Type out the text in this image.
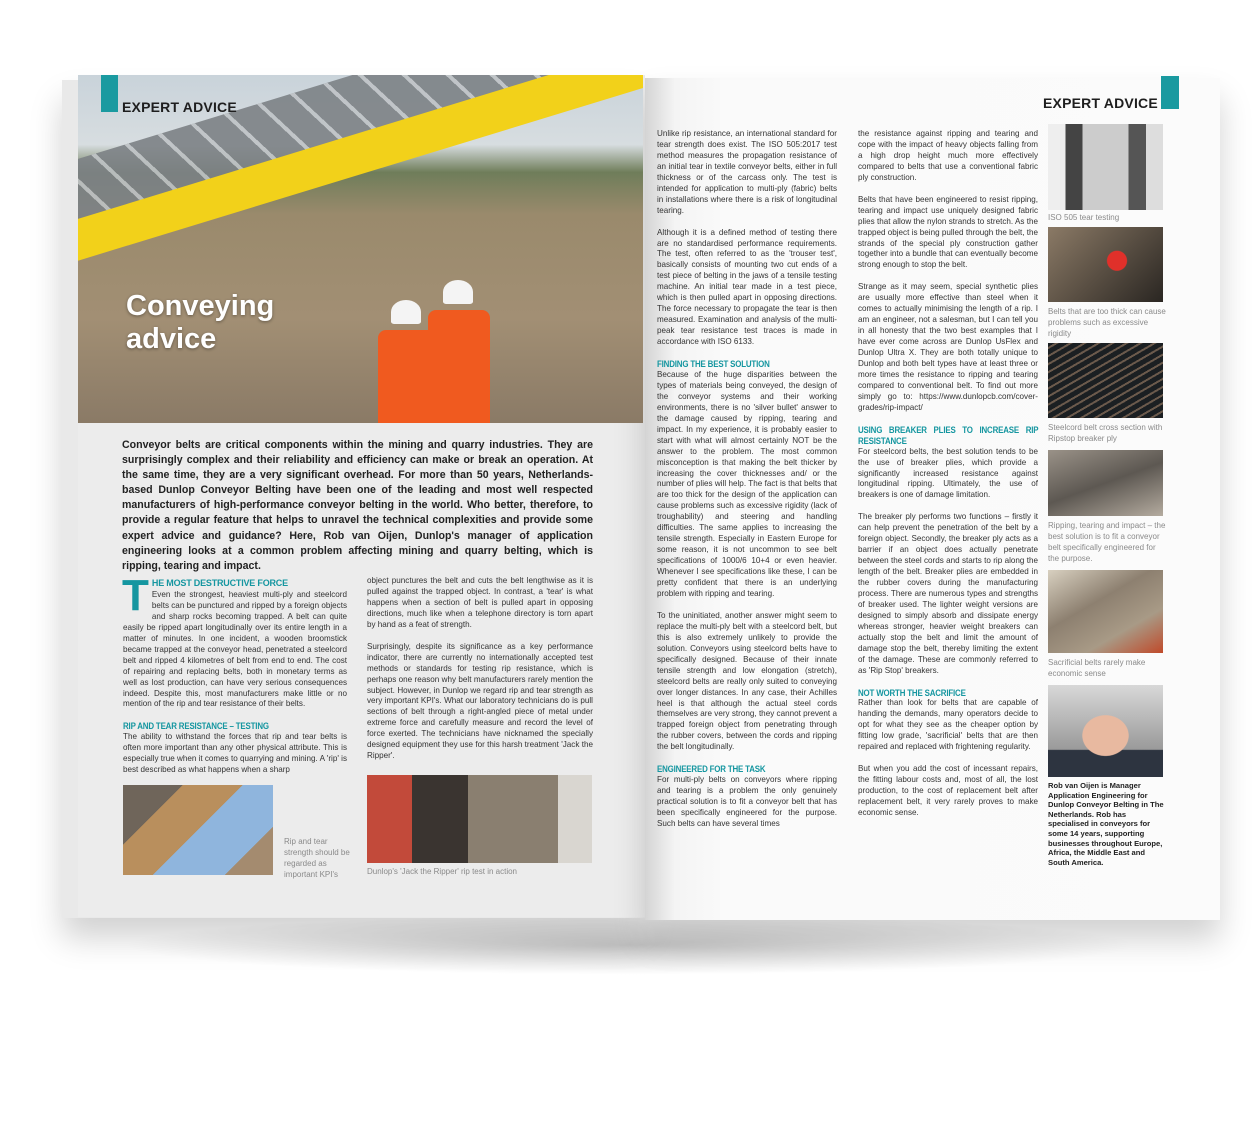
EXPERT ADVICE
Conveying
advice
Conveyor belts are critical components within the mining and quarry industries. They are surprisingly complex and their reliability and efficiency can make or break an operation. At the same time, they are a very significant overhead. For more than 50 years, Netherlands-based Dunlop Conveyor Belting have been one of the leading and most well respected manufacturers of high-performance conveyor belting in the world. Who better, therefore, to provide a regular feature that helps to unravel the technical complexities and provide some expert advice and guidance? Here, Rob van Oijen, Dunlop's manager of application engineering looks at a common problem affecting mining and quarry belting, which is ripping, tearing and impact.
T HE MOST DESTRUCTIVE FORCE

Even the strongest, heaviest multi-ply and steelcord belts can be punctured and ripped by a foreign objects and sharp rocks becoming trapped. A belt can quite easily be ripped apart longitudinally over its entire length in a matter of minutes. In one incident, a wooden broomstick became trapped at the conveyor head, penetrated a steelcord belt and ripped 4 kilometres of belt from end to end. The cost of repairing and replacing belts, both in monetary terms as well as lost production, can have very serious consequences indeed. Despite this, most manufacturers make little or no mention of the rip and tear resistance of their belts.

RIP AND TEAR RESISTANCE – TESTING

The ability to withstand the forces that rip and tear belts is often more important than any other physical attribute. This is especially true when it comes to quarrying and mining. A 'rip' is best described as what happens when a sharp

object punctures the belt and cuts the belt lengthwise as it is pulled against the trapped object. In contrast, a 'tear' is what happens when a section of belt is pulled apart in opposing directions, much like when a telephone directory is torn apart by hand as a feat of strength.

Surprisingly, despite its significance as a key performance indicator, there are currently no internationally accepted test methods or standards for testing rip resistance, which is perhaps one reason why belt manufacturers rarely mention the subject. However, in Dunlop we regard rip and tear strength as very important KPI's. What our laboratory technicians do is pull sections of belt through a right-angled piece of metal under extreme force and carefully measure and record the level of force exerted. The technicians have nicknamed the specially designed equipment they use for this harsh treatment 'Jack the Ripper'.

Rip and tear strength should be regarded as important KPI's	Dunlop's 'Jack the Ripper' rip test in action
EXPERT ADVICE

Unlike rip resistance, an international standard for tear strength does exist. The ISO 505:2017 test method measures the propagation resistance of an initial tear in textile conveyor belts, either in full thickness or of the carcass only. The test is intended for application to multi-ply (fabric) belts in installations where there is a risk of longitudinal tearing.

Although it is a defined method of testing there are no standardised performance requirements. The test, often referred to as the 'trouser test', basically consists of mounting two cut ends of a test piece of belting in the jaws of a tensile testing machine. An initial tear made in a test piece, which is then pulled apart in opposing directions. The force necessary to propagate the tear is then measured. Examination and analysis of the multi-peak tear resistance test traces is made in accordance with ISO 6133.

FINDING THE BEST SOLUTION

Because of the huge disparities between the types of materials being conveyed, the design of the conveyor systems and their working environments, there is no 'silver bullet' answer to the damage caused by ripping, tearing and impact. In my experience, it is probably easier to start with what will almost certainly NOT be the answer to the problem. The most common misconception is that making the belt thicker by increasing the cover thicknesses and/ or the number of plies will help. The fact is that belts that are too thick for the design of the application can cause problems such as excessive rigidity (lack of troughability) and steering and handling difficulties. The same applies to increasing the tensile strength. Especially in Eastern Europe for some reason, it is not uncommon to see belt specifications of 1000/6 10+4 or even heavier. Whenever I see specifications like these, I can be pretty confident that there is an underlying problem with ripping and tearing.

To the uninitiated, another answer might seem to replace the multi-ply belt with a steelcord belt, but this is also extremely unlikely to provide the solution. Conveyors using steelcord belts have to specifically designed. Because of their innate tensile strength and low elongation (stretch), steelcord belts are really only suited to conveying over longer distances. In any case, their Achilles heel is that although the actual steel cords themselves are very strong, they cannot prevent a trapped foreign object from penetrating through the rubber covers, between the cords and ripping the belt longitudinally.

ENGINEERED FOR THE TASK

For multi-ply belts on conveyors where ripping and tearing is a problem the only genuinely practical solution is to fit a conveyor belt that has been specifically engineered for the purpose. Such belts can have several times

the resistance against ripping and tearing and cope with the impact of heavy objects falling from a high drop height much more effectively compared to belts that use a conventional fabric ply construction.

Belts that have been engineered to resist ripping, tearing and impact use uniquely designed fabric plies that allow the nylon strands to stretch. As the trapped object is being pulled through the belt, the strands of the special ply construction gather together into a bundle that can eventually become strong enough to stop the belt.

Strange as it may seem, special synthetic plies are usually more effective than steel when it comes to actually minimising the length of a rip. I am an engineer, not a salesman, but I can tell you in all honesty that the two best examples that I have ever come across are Dunlop UsFlex and Dunlop Ultra X. They are both totally unique to Dunlop and both belt types have at least three or more times the resistance to ripping and tearing compared to conventional belt. To find out more simply go to: https://www.dunlopcb.com/cover-grades/rip-impact/

USING BREAKER PLIES TO INCREASE RIP RESISTANCE

For steelcord belts, the best solution tends to be the use of breaker plies, which provide a significantly increased resistance against longitudinal ripping. Ultimately, the use of breakers is one of damage limitation.

The breaker ply performs two functions – firstly it can help prevent the penetration of the belt by a foreign object. Secondly, the breaker ply acts as a barrier if an object does actually penetrate between the steel cords and starts to rip along the length of the belt. Breaker plies are embedded in the rubber covers during the manufacturing process. There are numerous types and strengths of breaker used. The lighter weight versions are designed to simply absorb and dissipate energy whereas stronger, heavier weight breakers can actually stop the belt and limit the amount of damage stop the belt, thereby limiting the extent of the damage. These are commonly referred to as 'Rip Stop' breakers.

NOT WORTH THE SACRIFICE

Rather than look for belts that are capable of handing the demands, many operators decide to opt for what they see as the cheaper option by fitting low grade, 'sacrificial' belts that are then repaired and replaced with frightening regularity.

But when you add the cost of incessant repairs, the fitting labour costs and, most of all, the lost production, to the cost of replacement belt after replacement belt, it very rarely proves to make economic sense.

ISO 505 tear testing
Belts that are too thick can cause problems such as excessive rigidity
Steelcord belt cross section with Ripstop breaker ply
Ripping, tearing and impact – the best solution is to fit a conveyor belt specifically engineered for the purpose.
Sacrificial belts rarely make economic sense
Rob van Oijen is Manager Application Engineering for Dunlop Conveyor Belting in The Netherlands. Rob has specialised in conveyors for some 14 years, supporting businesses throughout Europe, Africa, the Middle East and South America.
